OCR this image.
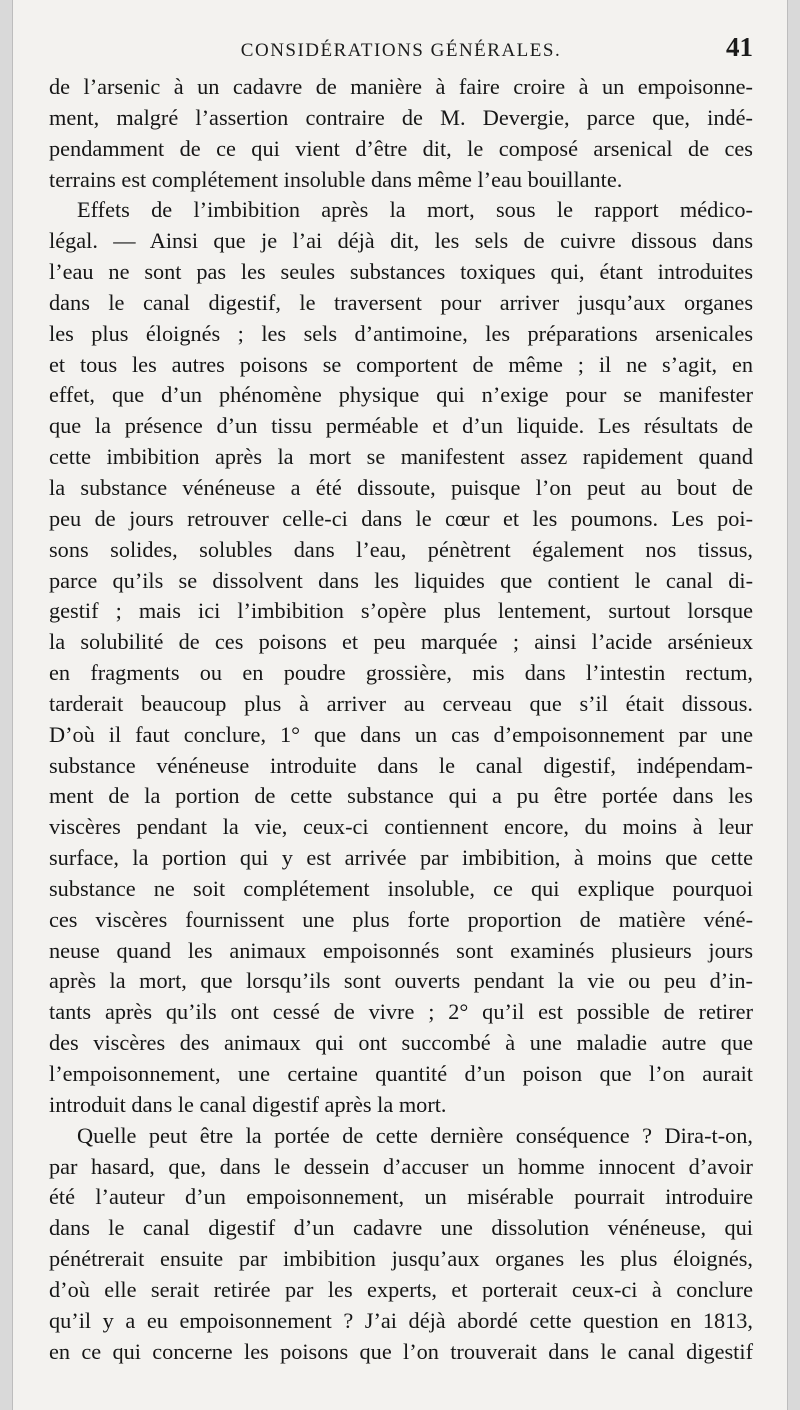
CONSIDÉRATIONS GÉNÉRALES.	41
de l’arsenic à un cadavre de manière à faire croire à un empoisonne-
ment, malgré l’assertion contraire de M. Devergie, parce que, indé-
pendamment de ce qui vient d’être dit, le composé arsenical de ces
terrains est complétement insoluble dans même l’eau bouillante.
Effets de l’imbibition après la mort, sous le rapport médico-
légal. — Ainsi que je l’ai déjà dit, les sels de cuivre dissous dans
l’eau ne sont pas les seules substances toxiques qui, étant introduites
dans le canal digestif, le traversent pour arriver jusqu’aux organes
les plus éloignés ; les sels d’antimoine, les préparations arsenicales
et tous les autres poisons se comportent de même ; il ne s’agit, en
effet, que d’un phénomène physique qui n’exige pour se manifester
que la présence d’un tissu perméable et d’un liquide. Les résultats de
cette imbibition après la mort se manifestent assez rapidement quand
la substance vénéneuse a été dissoute, puisque l’on peut au bout de
peu de jours retrouver celle-ci dans le cœur et les poumons. Les poi-
sons solides, solubles dans l’eau, pénètrent également nos tissus,
parce qu’ils se dissolvent dans les liquides que contient le canal di-
gestif ; mais ici l’imbibition s’opère plus lentement, surtout lorsque
la solubilité de ces poisons et peu marquée ; ainsi l’acide arsénieux
en fragments ou en poudre grossière, mis dans l’intestin rectum,
tarderait beaucoup plus à arriver au cerveau que s’il était dissous.
D’où il faut conclure, 1° que dans un cas d’empoisonnement par une
substance vénéneuse introduite dans le canal digestif, indépendam-
ment de la portion de cette substance qui a pu être portée dans les
viscères pendant la vie, ceux-ci contiennent encore, du moins à leur
surface, la portion qui y est arrivée par imbibition, à moins que cette
substance ne soit complétement insoluble, ce qui explique pourquoi
ces viscères fournissent une plus forte proportion de matière véné-
neuse quand les animaux empoisonnés sont examinés plusieurs jours
après la mort, que lorsqu’ils sont ouverts pendant la vie ou peu d’in-
tants après qu’ils ont cessé de vivre ; 2° qu’il est possible de retirer
des viscères des animaux qui ont succombé à une maladie autre que
l’empoisonnement, une certaine quantité d’un poison que l’on aurait
introduit dans le canal digestif après la mort.
Quelle peut être la portée de cette dernière conséquence ? Dira-t-on,
par hasard, que, dans le dessein d’accuser un homme innocent d’avoir
été l’auteur d’un empoisonnement, un misérable pourrait introduire
dans le canal digestif d’un cadavre une dissolution vénéneuse, qui
pénétrerait ensuite par imbibition jusqu’aux organes les plus éloignés,
d’où elle serait retirée par les experts, et porterait ceux-ci à conclure
qu’il y a eu empoisonnement ? J’ai déjà abordé cette question en 1813,
en ce qui concerne les poisons que l’on trouverait dans le canal digestif
